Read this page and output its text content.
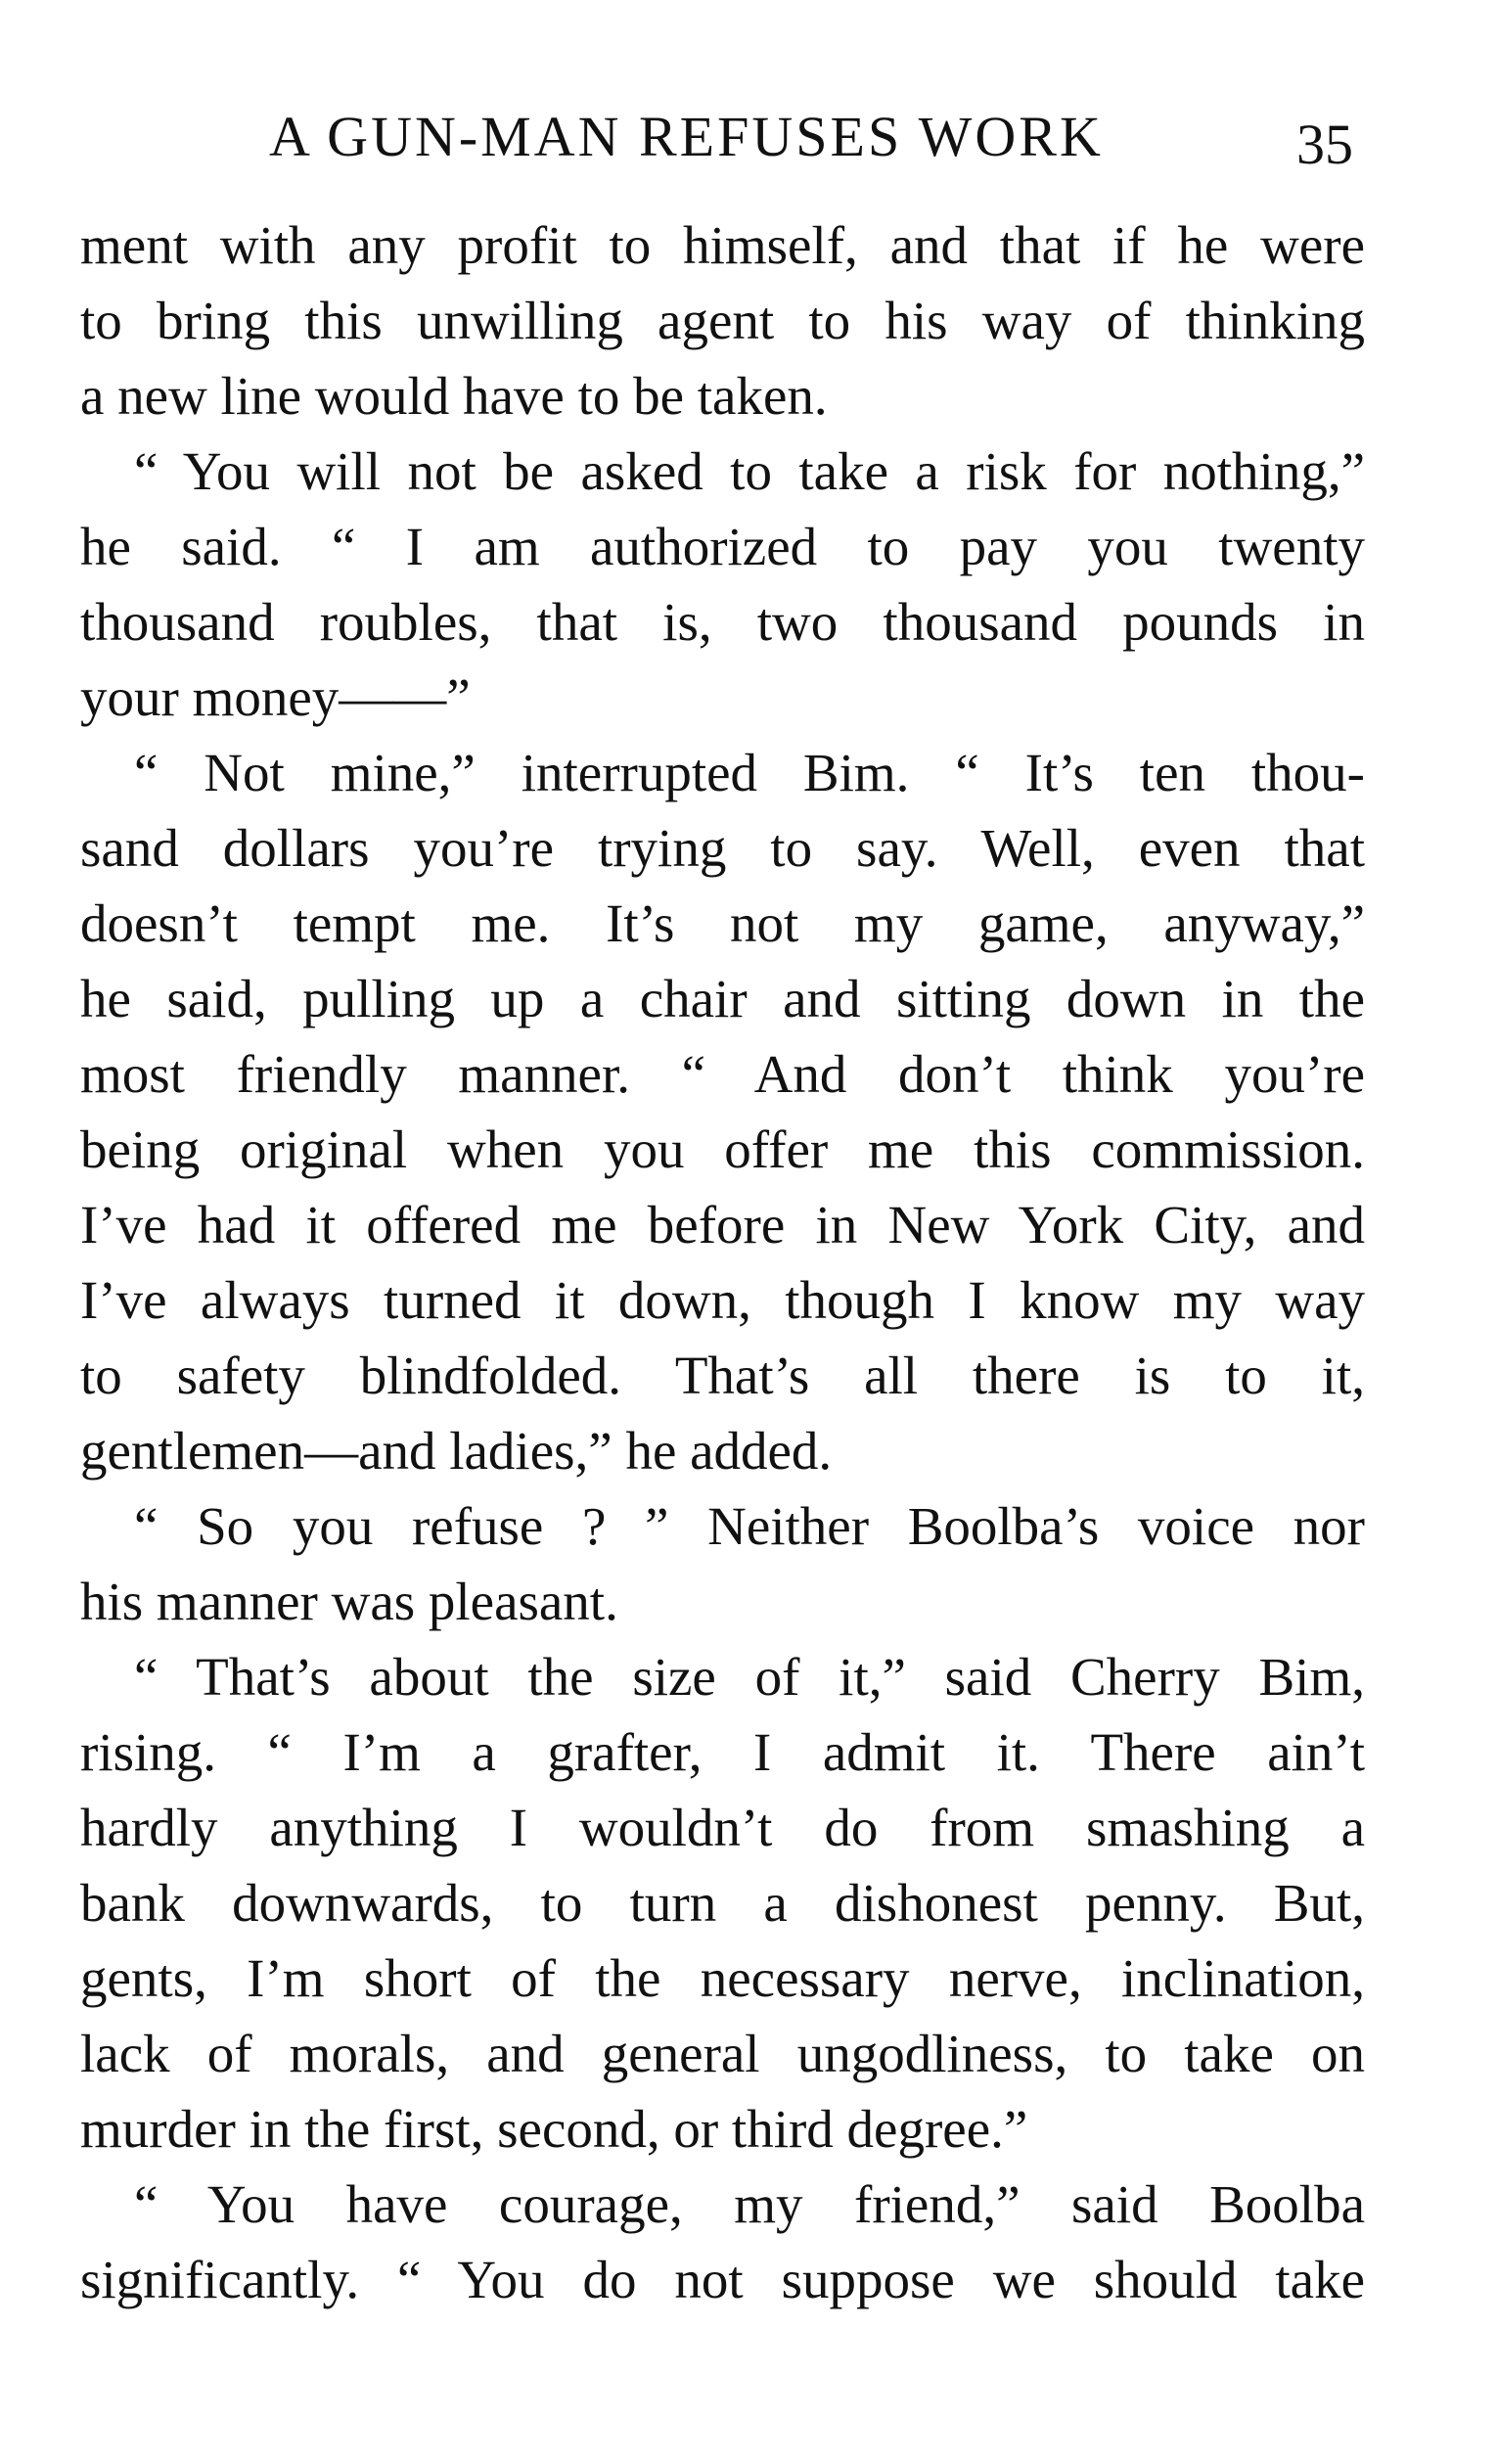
A GUN-MAN REFUSES WORK	35
ment with any profit to himself, and that if he were
to bring this unwilling agent to his way of thinking
a new line would have to be taken.
“ You will not be asked to take a risk for nothing,”
he said. “ I am authorized to pay you twenty
thousand roubles, that is, two thousand pounds in
your money——”
“ Not mine,” interrupted Bim. “ It’s ten thou-
sand dollars you’re trying to say. Well, even that
doesn’t tempt me. It’s not my game, anyway,”
he said, pulling up a chair and sitting down in the
most friendly manner. “ And don’t think you’re
being original when you offer me this commission.
I’ve had it offered me before in New York City, and
I’ve always turned it down, though I know my way
to safety blindfolded. That’s all there is to it,
gentlemen—and ladies,” he added.
“ So you refuse ? ” Neither Boolba’s voice nor
his manner was pleasant.
“ That’s about the size of it,” said Cherry Bim,
rising. “ I’m a grafter, I admit it. There ain’t
hardly anything I wouldn’t do from smashing a
bank downwards, to turn a dishonest penny. But,
gents, I’m short of the necessary nerve, inclination,
lack of morals, and general ungodliness, to take on
murder in the first, second, or third degree.”
“ You have courage, my friend,” said Boolba
significantly. “ You do not suppose we should take
